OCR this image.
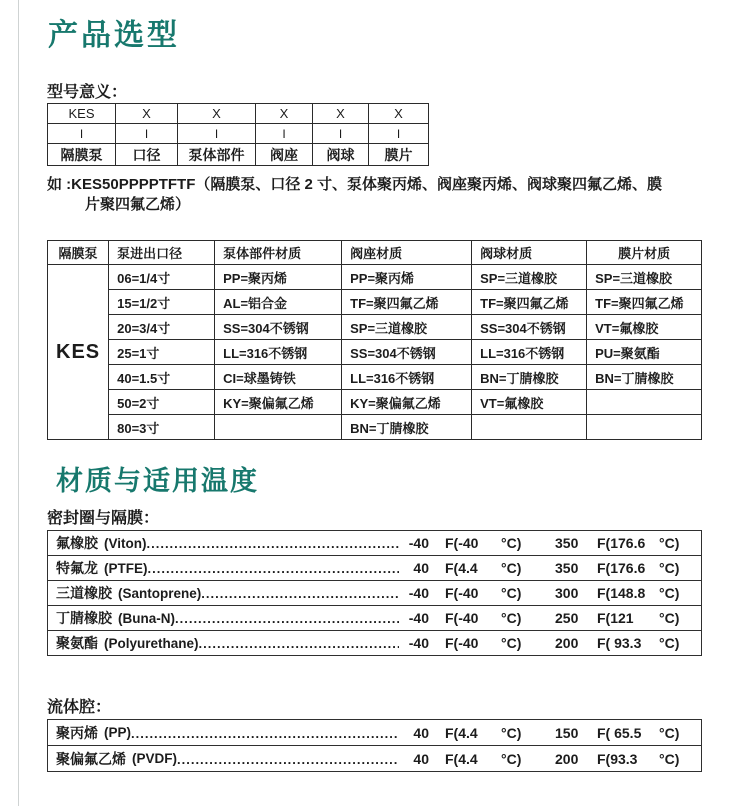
产品选型
型号意义：
KES	X	X	X	X	X
I	I	I	I	I	I
隔膜泵	口径	泵体部件	阀座	阀球	膜片
如 :KES50PPPPTFTF（隔膜泵、口径 2 寸、泵体聚丙烯、阀座聚丙烯、阀球聚四氟乙烯、膜
片聚四氟乙烯）
隔膜泵	泵进出口径	泵体部件材质	阀座材质	阀球材质	膜片材质
KES	06=1/4寸	PP=聚丙烯	PP=聚丙烯	SP=三道橡胶	SP=三道橡胶
	15=1/2寸	AL=铝合金	TF=聚四氟乙烯	TF=聚四氟乙烯	TF=聚四氟乙烯
	20=3/4寸	SS=304不锈钢	SP=三道橡胶	SS=304不锈钢	VT=氟橡胶
	25=1寸	LL=316不锈钢	SS=304不锈钢	LL=316不锈钢	PU=聚氨酯
	40=1.5寸	CI=球墨铸铁	LL=316不锈钢	BN=丁腈橡胶	BN=丁腈橡胶
	50=2寸	KY=聚偏氟乙烯	KY=聚偏氟乙烯	VT=氟橡胶	
	80=3寸		BN=丁腈橡胶		
材质与适用温度
密封圈与隔膜：
氟橡胶 (Viton) .....	-40 F(-40	°C)	350	F(176.6 °C)
特氟龙 (PTFE) .....	40 F(4.4	°C)	350	F(176.6 °C)
三道橡胶 (Santoprene) .....	-40 F(-40	°C)	300	F(148.8 °C)
丁腈橡胶 (Buna-N) .....	-40 F(-40	°C)	250	F(121	°C)
聚氨酯 (Polyurethane) .....	-40 F(-40	°C)	200	F( 93.3	°C)
流体腔：
聚丙烯 (PP) .....	40 F(4.4	°C)	150	F( 65.5	°C)
聚偏氟乙烯 (PVDF) .....	40 F(4.4	°C)	200	F(93.3	°C)
